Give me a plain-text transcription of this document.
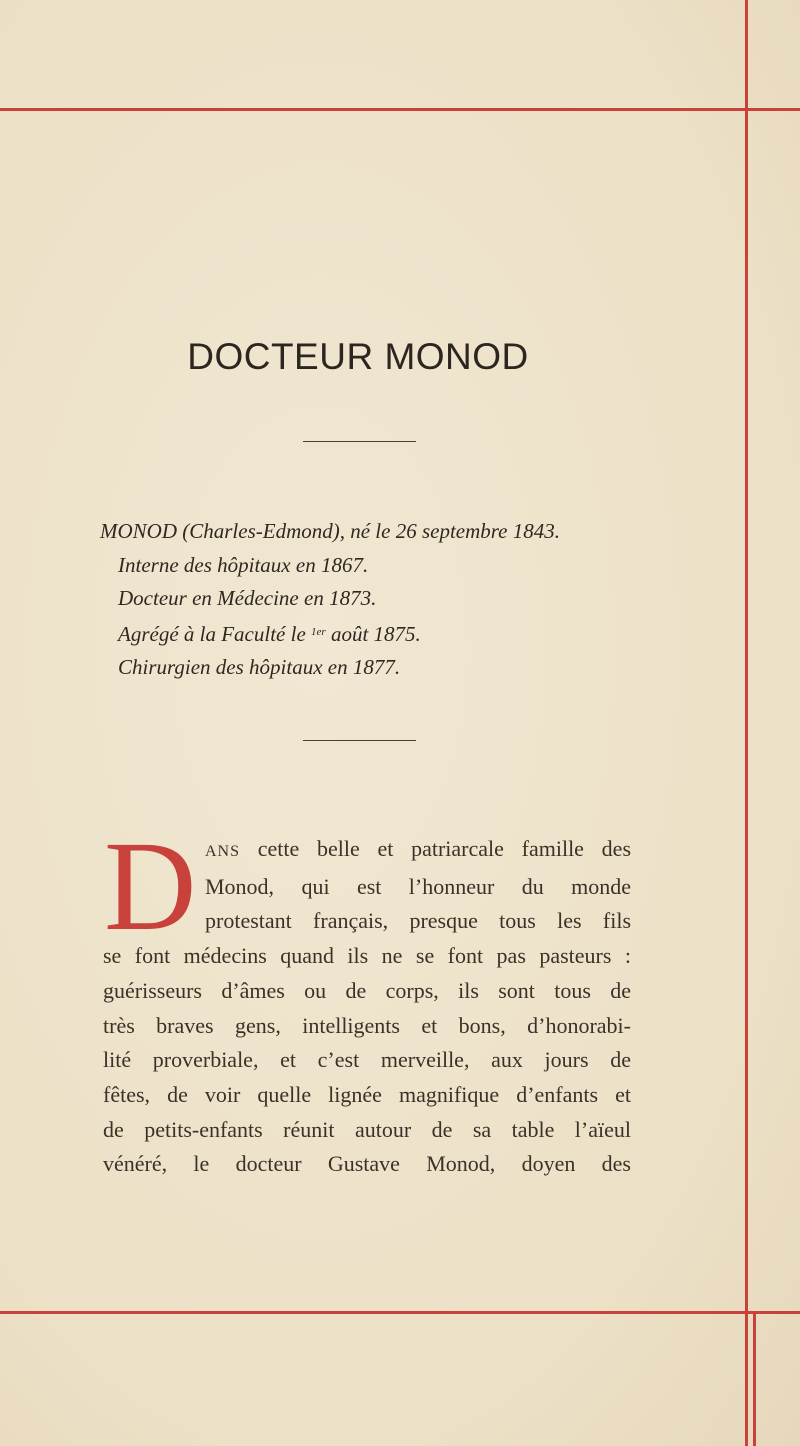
DOCTEUR MONOD
MONOD (Charles-Edmond), né le 26 septembre 1843.
Interne des hôpitaux en 1867.
Docteur en Médecine en 1873.
Agrégé à la Faculté le $^{1er}$ août 1875.
Chirurgien des hôpitaux en 1877.
D ANS cette belle et patriarcale famille des
Monod, qui est l’honneur du monde
protestant français, presque tous les fils
se font médecins quand ils ne se font pas pasteurs :
guérisseurs d’âmes ou de corps, ils sont tous de
très braves gens, intelligents et bons, d’honorabi-
lité proverbiale, et c’est merveille, aux jours de
fêtes, de voir quelle lignée magnifique d’enfants et
de petits-enfants réunit autour de sa table l’aïeul
vénéré, le docteur Gustave Monod, doyen des
